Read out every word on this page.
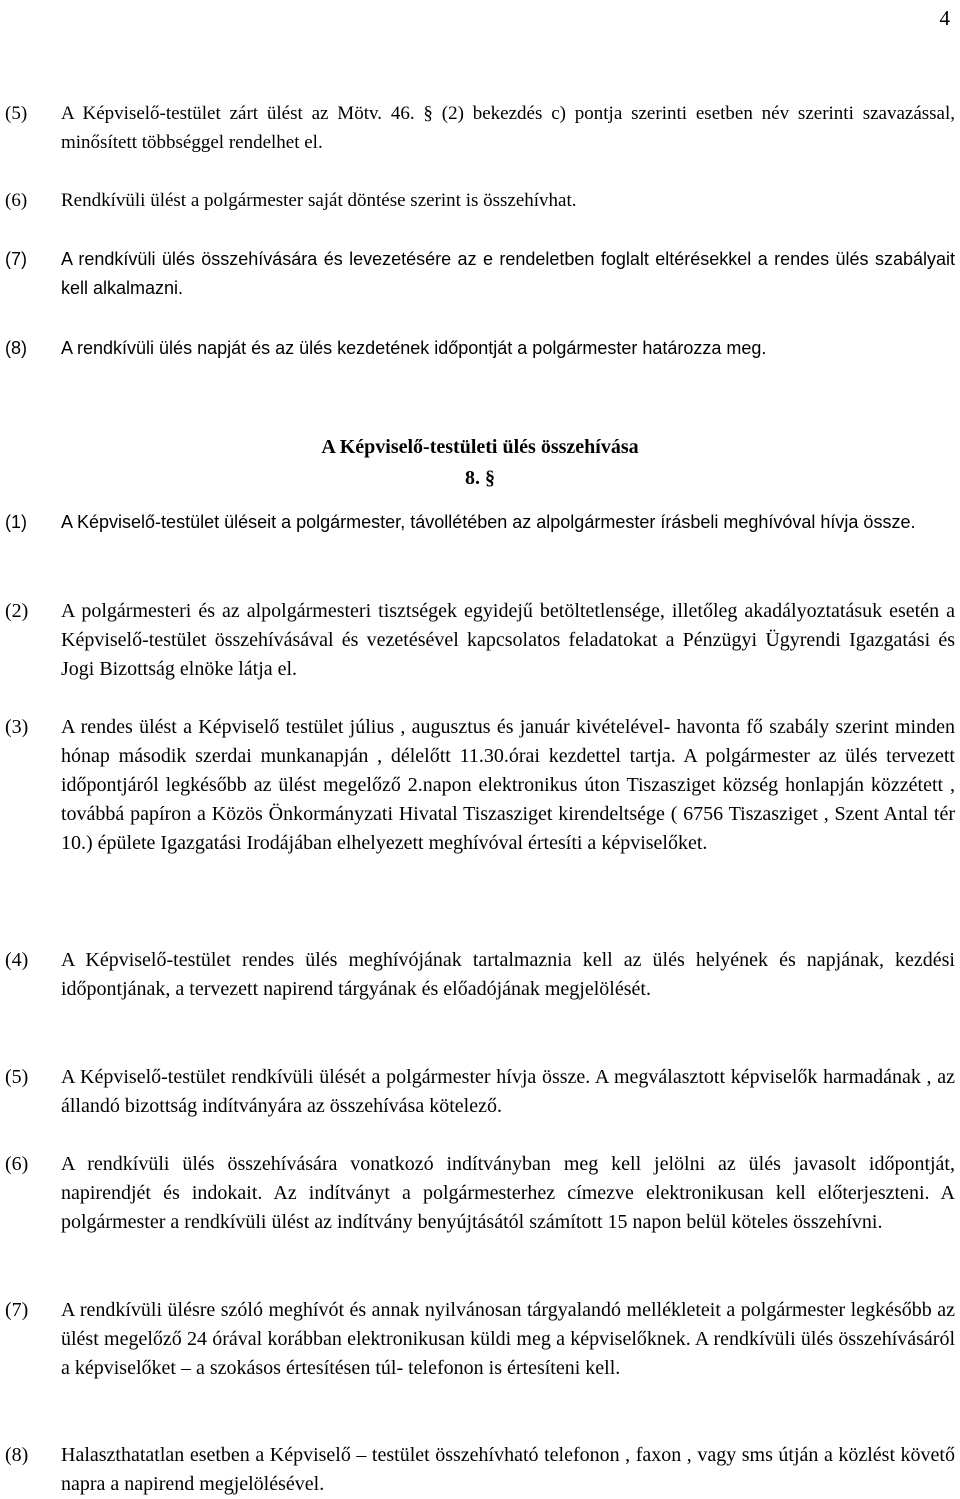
4
(5)	A Képviselő-testület zárt ülést az Mötv. 46. § (2) bekezdés c) pontja szerinti esetben név szerinti szavazással, minősített többséggel rendelhet el.
(6)	Rendkívüli ülést a polgármester saját döntése szerint is összehívhat.
(7)	A rendkívüli ülés összehívására és levezetésére az e rendeletben foglalt eltérésekkel a rendes ülés szabályait kell alkalmazni.
(8)	A rendkívüli ülés napját és az ülés kezdetének időpontját a polgármester határozza meg.
A Képviselő-testületi ülés összehívása
8. §
(1)	A Képviselő-testület üléseit a polgármester, távollétében az alpolgármester írásbeli meghívóval hívja össze.
(2)	A polgármesteri és az alpolgármesteri tisztségek egyidejű betöltetlensége, illetőleg akadályoztatásuk esetén a Képviselő-testület összehívásával és vezetésével kapcsolatos feladatokat a Pénzügyi Ügyrendi Igazgatási és Jogi Bizottság elnöke látja el.
(3)	A rendes ülést a Képviselő testület július , augusztus és január kivételével- havonta fő szabály szerint minden hónap második szerdai munkanapján , délelőtt 11.30.órai kezdettel tartja. A polgármester az ülés tervezett időpontjáról legkésőbb az ülést megelőző 2.napon elektronikus úton Tiszasziget község honlapján közzétett , továbbá papíron a Közös Önkormányzati Hivatal Tiszasziget kirendeltsége ( 6756 Tiszasziget , Szent Antal tér 10.) épülete Igazgatási Irodájában elhelyezett meghívóval értesíti a képviselőket.
(4)	A Képviselő-testület rendes ülés meghívójának tartalmaznia kell az ülés helyének és napjának, kezdési időpontjának, a tervezett napirend tárgyának és előadójának megjelölését.
(5)	A Képviselő-testület rendkívüli ülését a polgármester hívja össze. A megválasztott képviselők harmadának , az állandó bizottság indítványára az összehívása kötelező.
(6)	A rendkívüli ülés összehívására vonatkozó indítványban meg kell jelölni az ülés javasolt időpontját, napirendjét és indokait. Az indítványt a polgármesterhez címezve elektronikusan kell előterjeszteni. A polgármester a rendkívüli ülést az indítvány benyújtásától számított 15 napon belül köteles összehívni.
(7)	A rendkívüli ülésre szóló meghívót és annak nyilvánosan tárgyalandó mellékleteit a polgármester legkésőbb az ülést megelőző 24 órával korábban elektronikusan küldi meg a képviselőknek. A rendkívüli ülés összehívásáról a képviselőket – a szokásos értesítésen túl- telefonon is értesíteni kell.
(8)	Halaszthatatlan esetben a Képviselő – testület összehívható telefonon , faxon , vagy sms útján a közlést követő napra a napirend megjelölésével.
